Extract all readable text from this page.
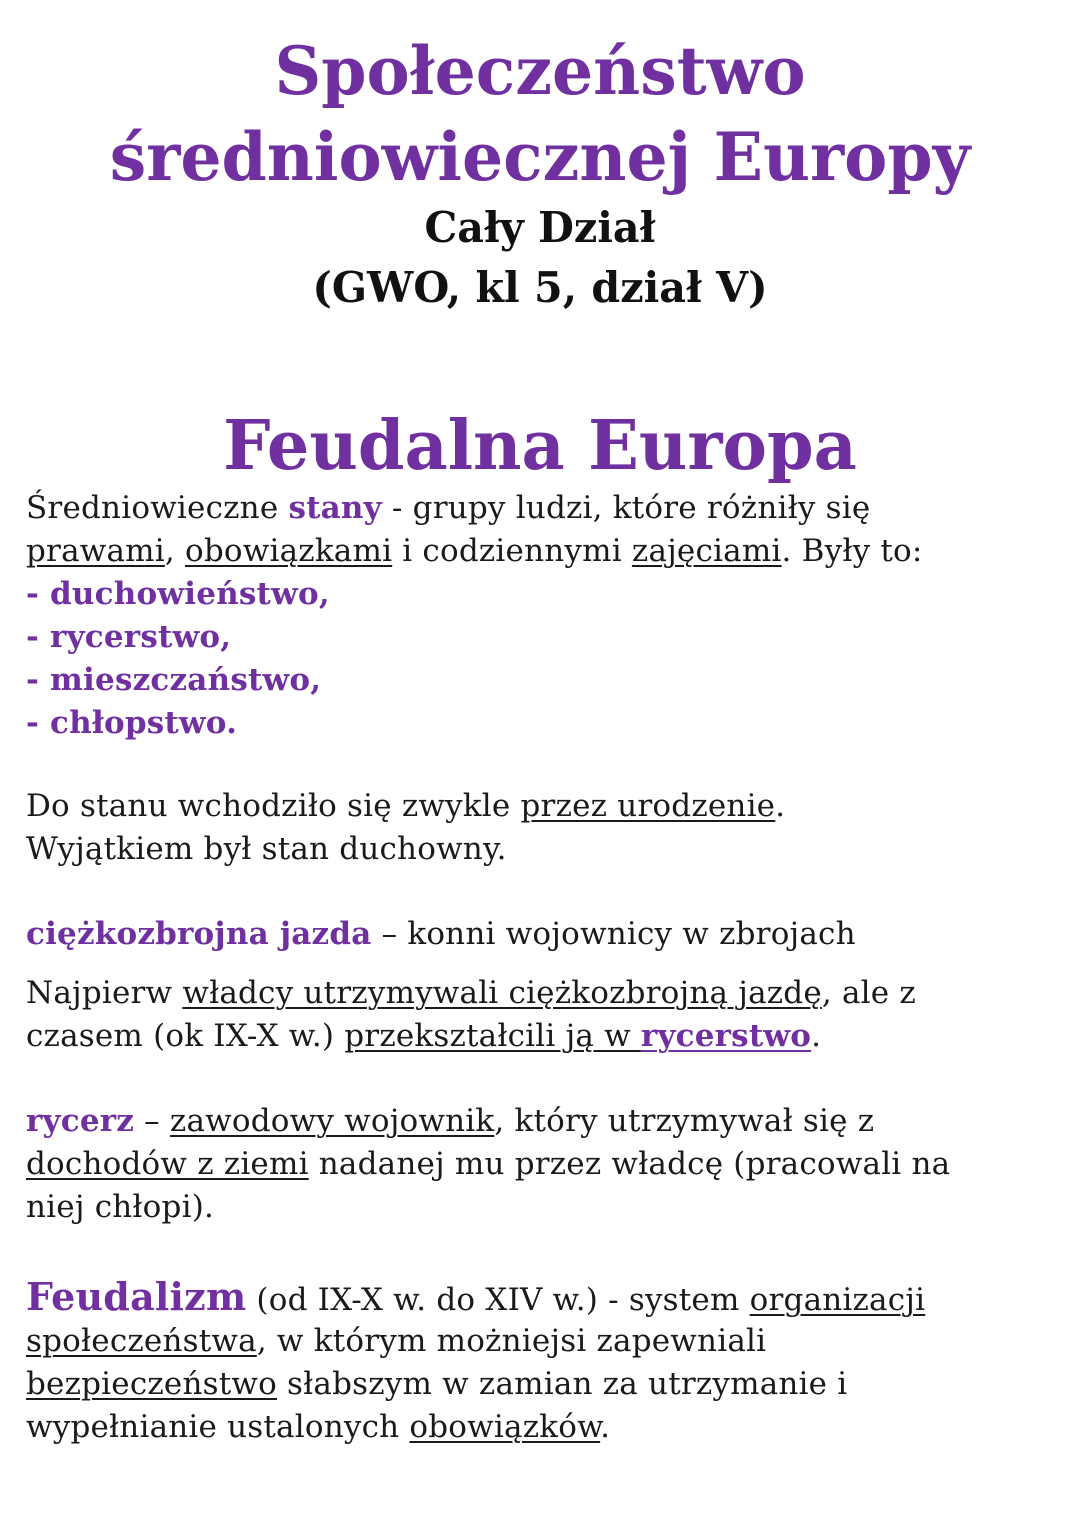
Społeczeństwo
średniowiecznej Europy
Cały Dział
(GWO, kl 5, dział V)
Feudalna Europa
Średniowieczne stany - grupy ludzi, które różniły się
prawami, obowiązkami i codziennymi zajęciami. Były to:
- duchowieństwo,
- rycerstwo,
- mieszczaństwo,
- chłopstwo.
Do stanu wchodziło się zwykle przez urodzenie.
Wyjątkiem był stan duchowny.
ciężkozbrojna jazda – konni wojownicy w zbrojach
Najpierw władcy utrzymywali ciężkozbrojną jazdę, ale z
czasem (ok IX-X w.) przekształcili ją w rycerstwo.
rycerz – zawodowy wojownik, który utrzymywał się z
dochodów z ziemi nadanej mu przez władcę (pracowali na
niej chłopi).
Feudalizm (od IX-X w. do XIV w.) - system organizacji
społeczeństwa, w którym możniejsi zapewniali
bezpieczeństwo słabszym w zamian za utrzymanie i
wypełnianie ustalonych obowiązków.
